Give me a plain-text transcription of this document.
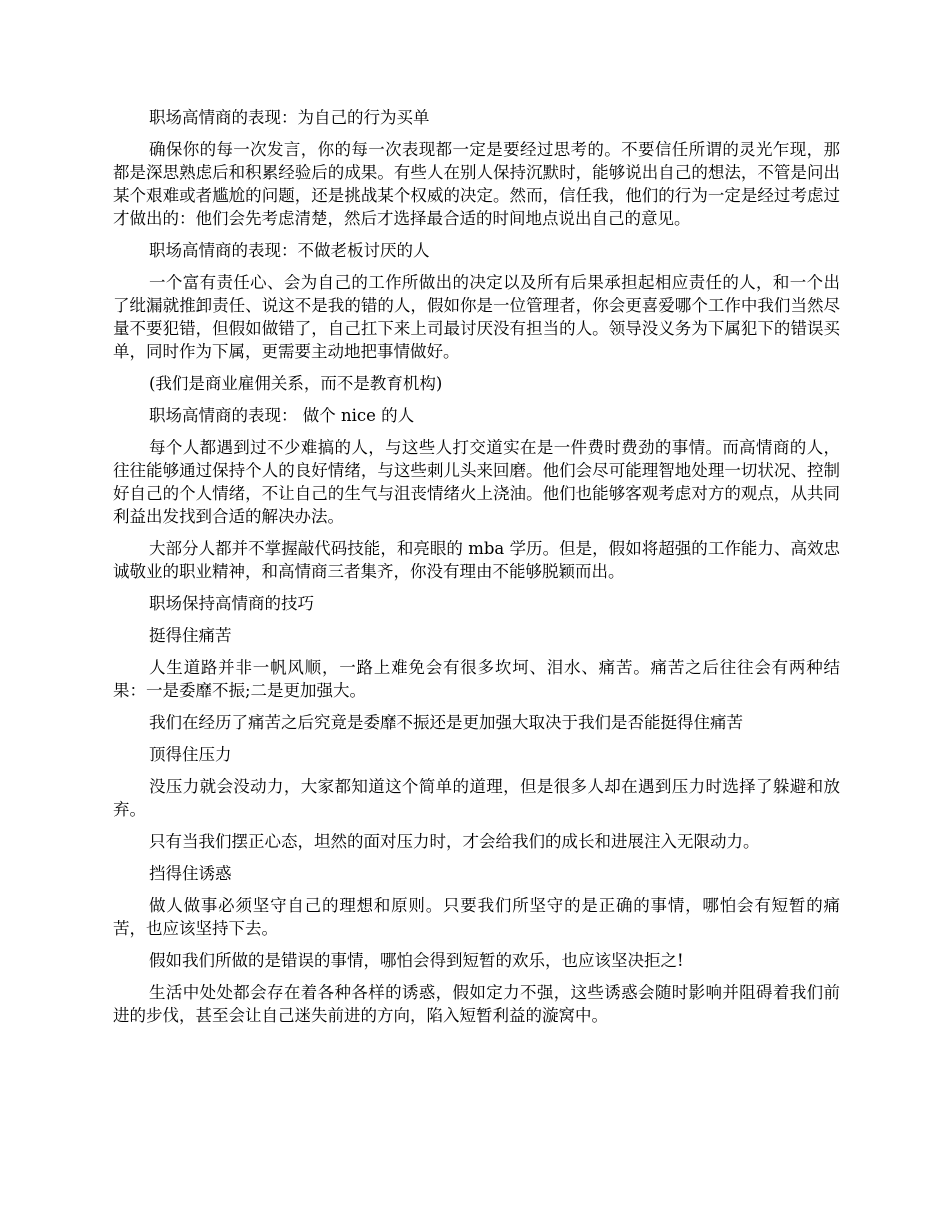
职场高情商的表现：为自己的行为买单

确保你的每一次发言，你的每一次表现都一定是要经过思考的。不要信任所谓的灵光乍现，那都是深思熟虑后和积累经验后的成果。有些人在别人保持沉默时，能够说出自己的想法，不管是问出某个艰难或者尴尬的问题，还是挑战某个权威的决定。然而，信任我，他们的行为一定是经过考虑过才做出的：他们会先考虑清楚，然后才选择最合适的时间地点说出自己的意见。

职场高情商的表现：不做老板讨厌的人

一个富有责任心、会为自己的工作所做出的决定以及所有后果承担起相应责任的人，和一个出了纰漏就推卸责任、说这不是我的错的人，假如你是一位管理者，你会更喜爱哪个工作中我们当然尽量不要犯错，但假如做错了，自己扛下来上司最讨厌没有担当的人。领导没义务为下属犯下的错误买单，同时作为下属，更需要主动地把事情做好。

(我们是商业雇佣关系，而不是教育机构)

职场高情商的表现： 做个 nice 的人

每个人都遇到过不少难搞的人，与这些人打交道实在是一件费时费劲的事情。而高情商的人，往往能够通过保持个人的良好情绪，与这些刺儿头来回磨。他们会尽可能理智地处理一切状况、控制好自己的个人情绪，不让自己的生气与沮丧情绪火上浇油。他们也能够客观考虑对方的观点，从共同利益出发找到合适的解决办法。

大部分人都并不掌握敲代码技能，和亮眼的 mba 学历。但是，假如将超强的工作能力、高效忠诚敬业的职业精神，和高情商三者集齐，你没有理由不能够脱颖而出。

职场保持高情商的技巧

挺得住痛苦

人生道路并非一帆风顺，一路上难免会有很多坎坷、泪水、痛苦。痛苦之后往往会有两种结果：一是委靡不振;二是更加强大。

我们在经历了痛苦之后究竟是委靡不振还是更加强大取决于我们是否能挺得住痛苦

顶得住压力

没压力就会没动力，大家都知道这个简单的道理，但是很多人却在遇到压力时选择了躲避和放弃。

只有当我们摆正心态，坦然的面对压力时，才会给我们的成长和进展注入无限动力。

挡得住诱惑

做人做事必须坚守自己的理想和原则。只要我们所坚守的是正确的事情，哪怕会有短暂的痛苦，也应该坚持下去。

假如我们所做的是错误的事情，哪怕会得到短暂的欢乐，也应该坚决拒之!

生活中处处都会存在着各种各样的诱惑，假如定力不强，这些诱惑会随时影响并阻碍着我们前进的步伐，甚至会让自己迷失前进的方向，陷入短暂利益的漩窝中。
